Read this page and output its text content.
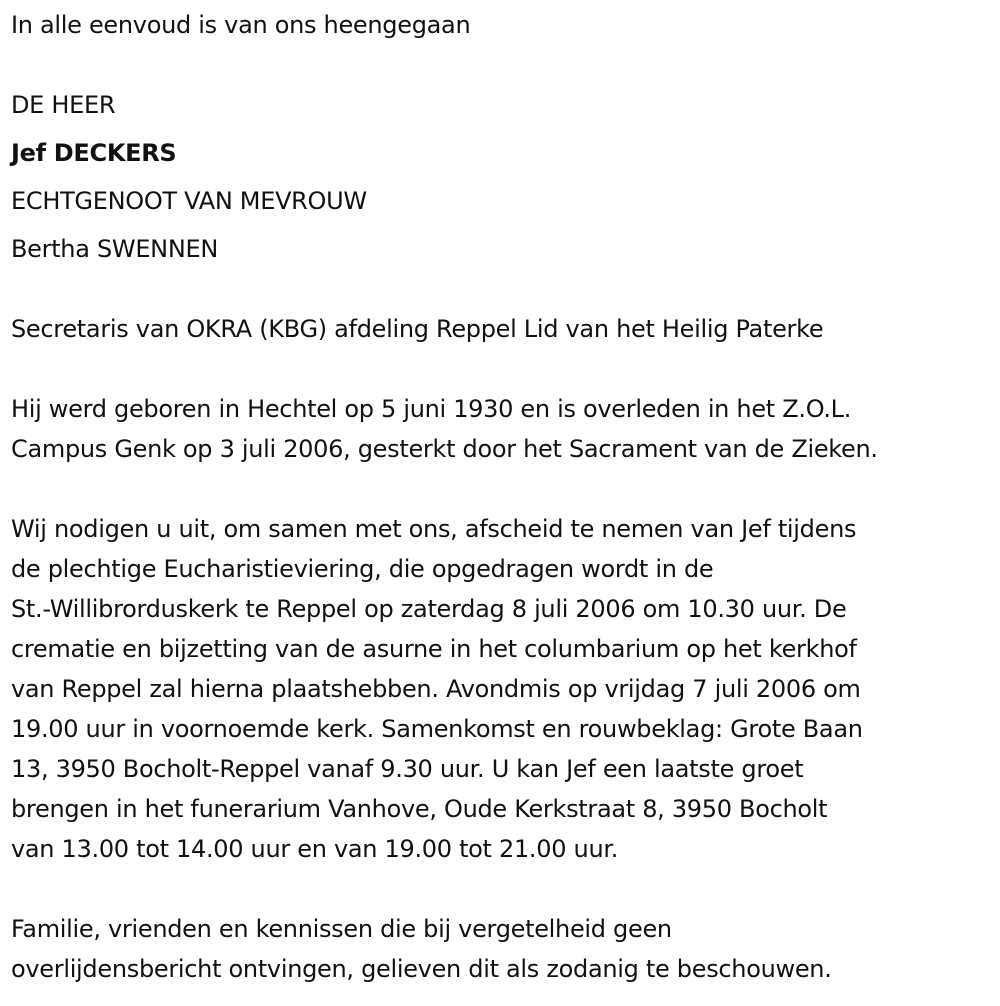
In alle eenvoud is van ons heengegaan
DE HEER
Jef DECKERS
ECHTGENOOT VAN MEVROUW
Bertha SWENNEN
Secretaris van OKRA (KBG) afdeling Reppel Lid van het Heilig Paterke
Hij werd geboren in Hechtel op 5 juni 1930 en is overleden in het Z.O.L.
Campus Genk op 3 juli 2006, gesterkt door het Sacrament van de Zieken.
Wij nodigen u uit, om samen met ons, afscheid te nemen van Jef tijdens
de plechtige Eucharistieviering, die opgedragen wordt in de
St.-Willibrorduskerk te Reppel op zaterdag 8 juli 2006 om 10.30 uur. De
crematie en bijzetting van de asurne in het columbarium op het kerkhof
van Reppel zal hierna plaatshebben. Avondmis op vrijdag 7 juli 2006 om
19.00 uur in voornoemde kerk. Samenkomst en rouwbeklag: Grote Baan
13, 3950 Bocholt-Reppel vanaf 9.30 uur. U kan Jef een laatste groet
brengen in het funerarium Vanhove, Oude Kerkstraat 8, 3950 Bocholt
van 13.00 tot 14.00 uur en van 19.00 tot 21.00 uur.
Familie, vrienden en kennissen die bij vergetelheid geen
overlijdensbericht ontvingen, gelieven dit als zodanig te beschouwen.
